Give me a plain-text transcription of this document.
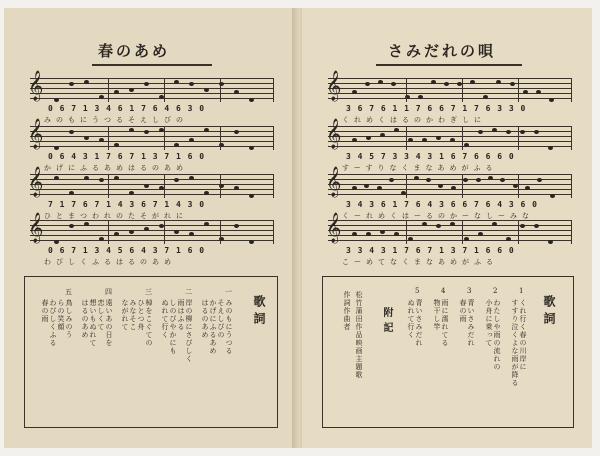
春のあめ
𝄞
0 6 7 1 3 4 6 1 7 6 4 6 3 0
みのもにうつるそえしびの
𝄞
0 6 4 3 1 7 6 7 1 3 7 1 6 0
かげにふるあめはるのあめ
𝄞
7 1 7 6 7 1 4 3 6 7 1 4 3 0
ひとまつわれのたそがれに
𝄞
0 6 7 1 3 4 5 6 4 3 7 1 6 0
わびしくふるはるのあめ
歌詞
一
みのもにうつる
そえしびの
かげにふるあめ
はるのあめ
二
岸の柳にさびしく
雨はふる
しのびやかにも
ぬれて行く
三
棹をこぐての
ひとつ舟
みなそこ
ながれて
四
遠いあの日を
恋しくて
想いもぬれて
はるのあめ
五
鳥しみのう
らの笑顔
わびしくふる
春の雨
さみだれの唄
𝄞
3 6 7 6 1 1 7 6 6 7 1 7 6 3 3 0
くれめくはるのかわぎしに
𝄞
3 4 5 7 3 3 4 3 1 6 7 6 6 6 0
すーすりなくまなあめがふる
𝄞
3 4 3 6 1 7 6 4 3 6 6 7 6 4 3 6 0
くーれめくはーるのかーなしーみな
𝄞
3 3 4 3 1 7 6 7 1 3 7 1 6 6 0
こーめてなくまなあめがふる
歌詞
1
くれ行く春の川岸に
すすり泣くよな雨が降る
2
わたしや雨の流れの
小舟に乗って
3
青いさみだれ
春の雨
4
雨に濡れてる
物干し竿
5
青いさみだれ
ぬれて行く
附記
松竹蒲田作品映画主題歌
作詞作曲者
